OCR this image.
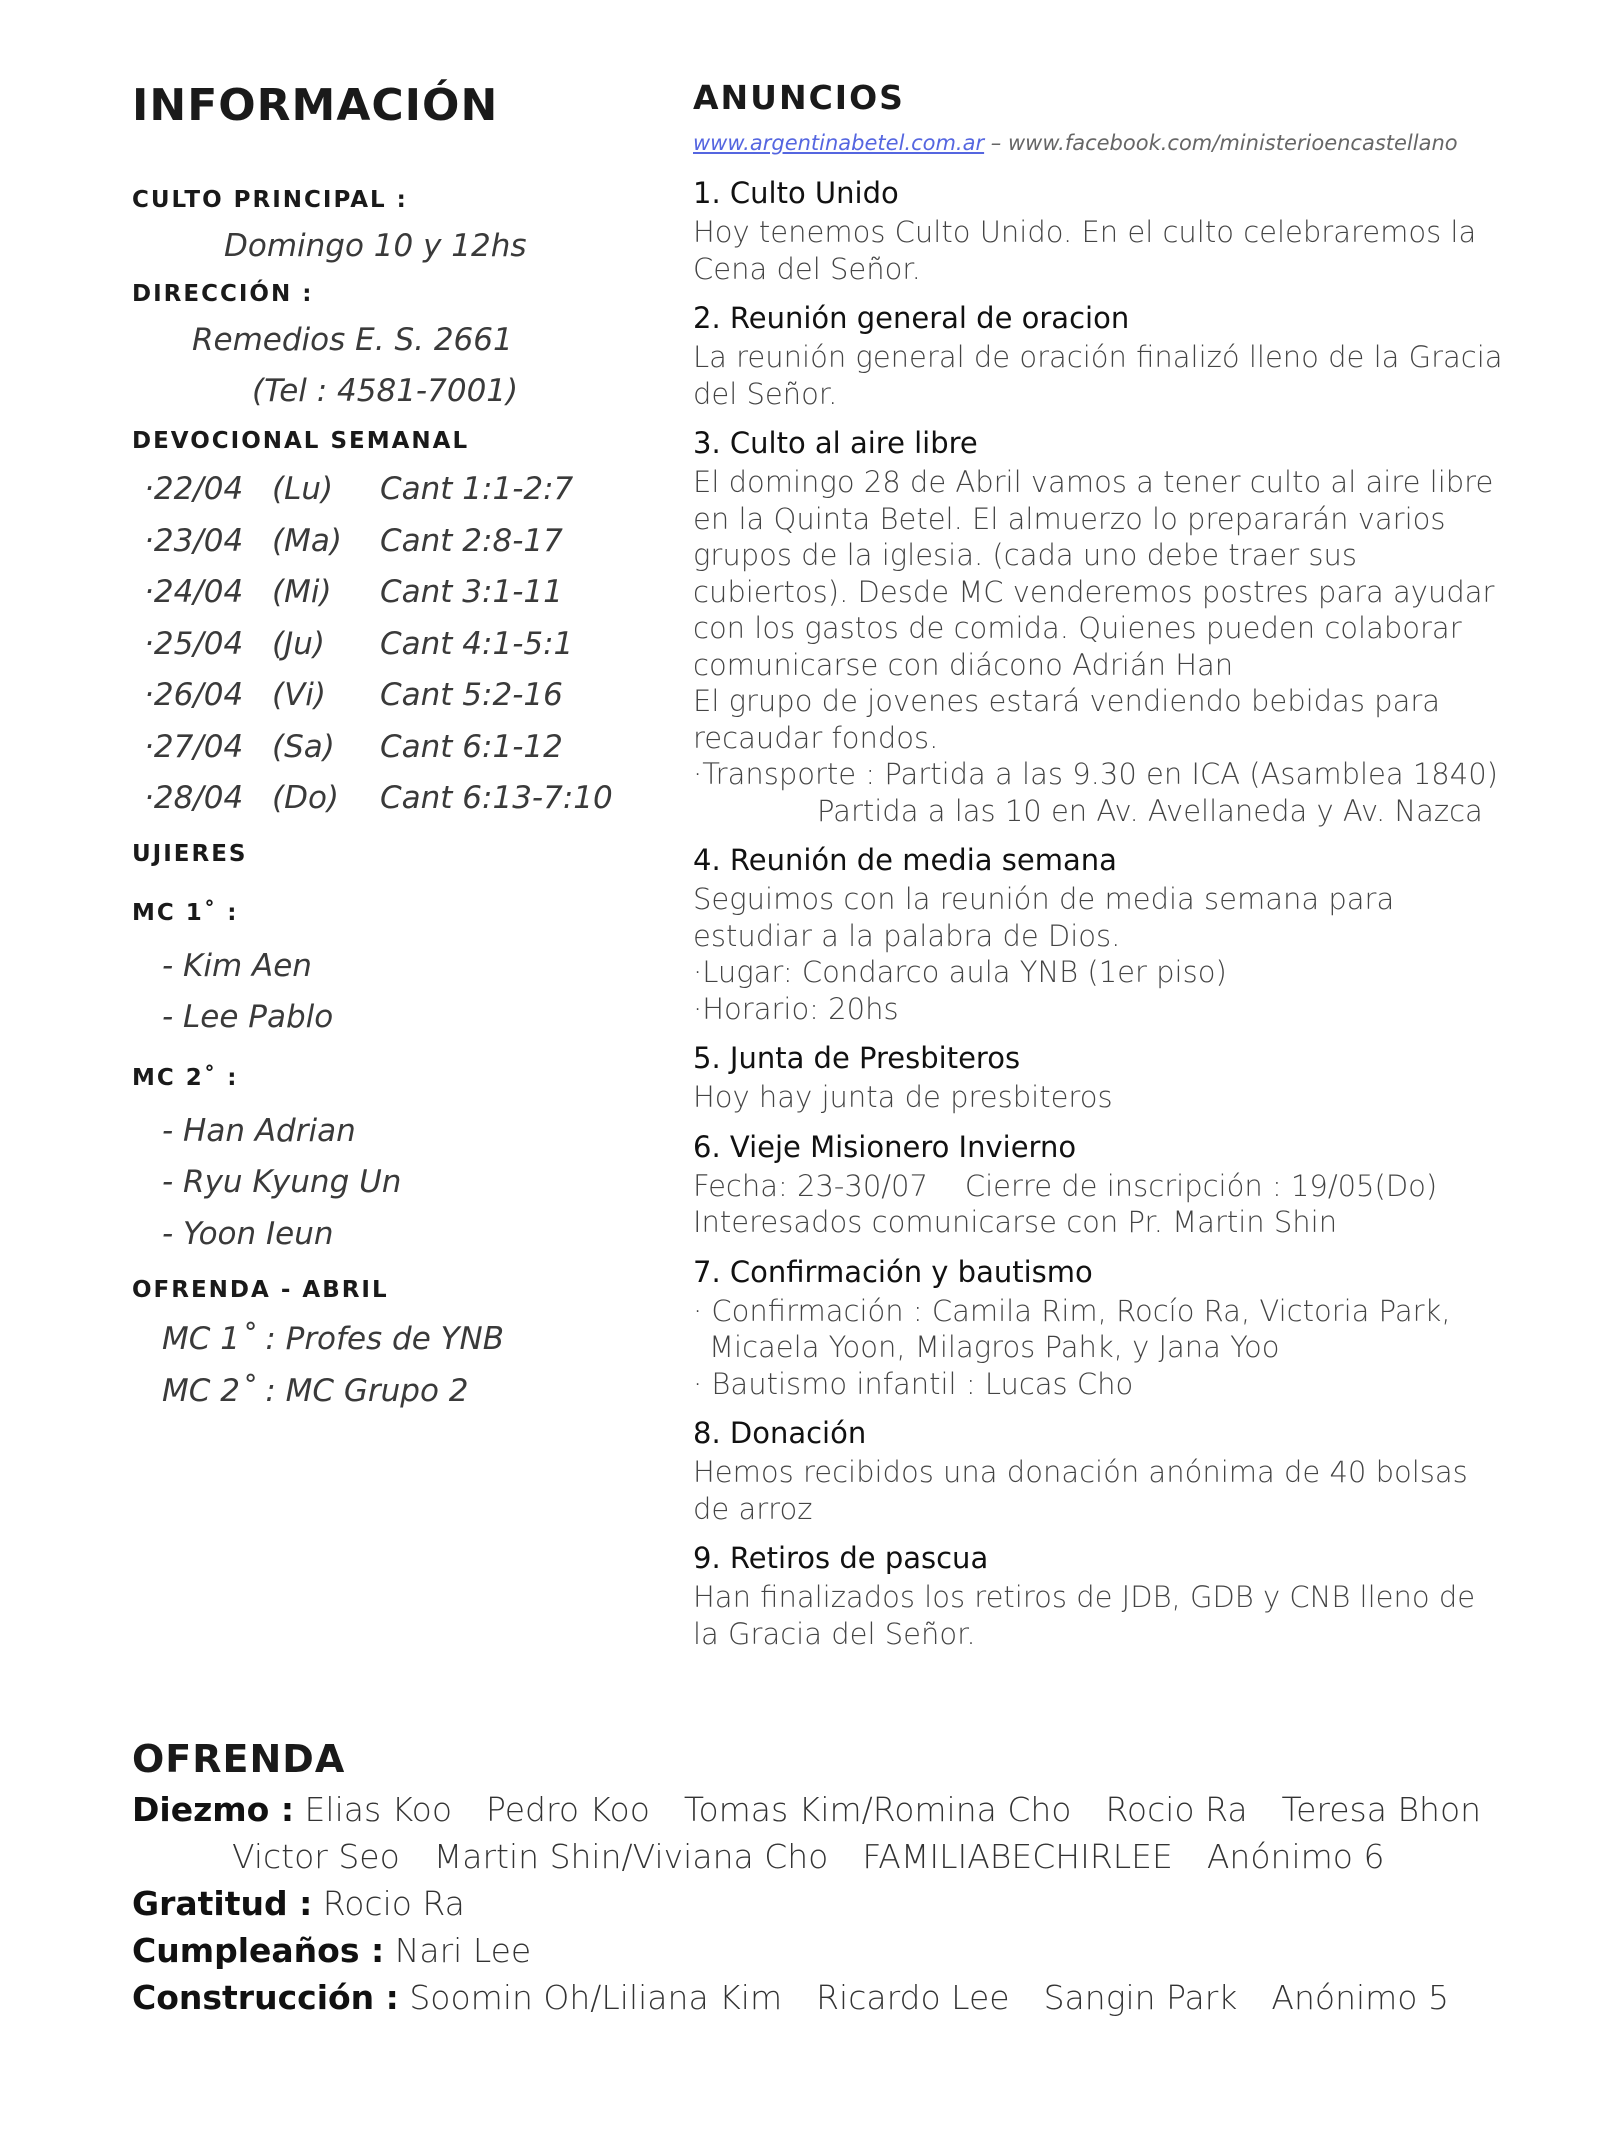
INFORMACIÓN
CULTO PRINCIPAL :
Domingo 10 y 12hs
DIRECCIÓN :
Remedios E. S. 2661
(Tel : 4581-7001)
DEVOCIONAL SEMANAL
·22/04 (Lu)	Cant 1:1-2:7
·23/04 (Ma)	Cant 2:8-17
·24/04 (Mi)	Cant 3:1-11
·25/04 (Ju)	Cant 4:1-5:1
·26/04 (Vi)	Cant 5:2-16
·27/04 (Sa)	Cant 6:1-12
·28/04 (Do)	Cant 6:13-7:10
UJIERES
MC 1˚ :
- Kim Aen
- Lee Pablo
MC 2˚ :
- Han Adrian
- Ryu Kyung Un
- Yoon Ieun
OFRENDA - ABRIL
MC 1˚ : Profes de YNB
MC 2˚ : MC Grupo 2
ANUNCIOS
www.argentinabetel.com.ar – www.facebook.com/ministerioencastellano
1. Culto Unido
Hoy tenemos Culto Unido. En el culto celebraremos la
Cena del Señor.
2. Reunión general de oracion
La reunión general de oración finalizó lleno de la Gracia
del Señor.
3. Culto al aire libre
El domingo 28 de Abril vamos a tener culto al aire libre
en la Quinta Betel. El almuerzo lo prepararán varios
grupos de la iglesia. (cada uno debe traer sus
cubiertos). Desde MC venderemos postres para ayudar
con los gastos de comida. Quienes pueden colaborar
comunicarse con diácono Adrián Han
El grupo de jovenes estará vendiendo bebidas para
recaudar fondos.
·Transporte : Partida a las 9.30 en ICA (Asamblea 1840)
Partida a las 10 en Av. Avellaneda y Av. Nazca
4. Reunión de media semana
Seguimos con la reunión de media semana para
estudiar a la palabra de Dios.
·Lugar: Condarco aula YNB (1er piso)
·Horario: 20hs
5. Junta de Presbiteros
Hoy hay junta de presbiteros
6. Vieje Misionero Invierno
Fecha: 23-30/07    Cierre de inscripción : 19/05(Do)
Interesados comunicarse con Pr. Martin Shin
7. Confirmación y bautismo
· Confirmación : Camila Rim, Rocío Ra, Victoria Park,
Micaela Yoon, Milagros Pahk, y Jana Yoo
· Bautismo infantil : Lucas Cho
8. Donación
Hemos recibidos una donación anónima de 40 bolsas
de arroz
9. Retiros de pascua
Han finalizados los retiros de JDB, GDB y CNB lleno de
la Gracia del Señor.
OFRENDA
Diezmo : Elias Koo Pedro Koo Tomas Kim/Romina Cho Rocio Ra Teresa Bhon
Victor Seo Martin Shin/Viviana Cho FAMILIABECHIRLEE Anónimo 6
Gratitud : Rocio Ra
Cumpleaños : Nari Lee
Construcción : Soomin Oh/Liliana Kim Ricardo Lee Sangin Park Anónimo 5
